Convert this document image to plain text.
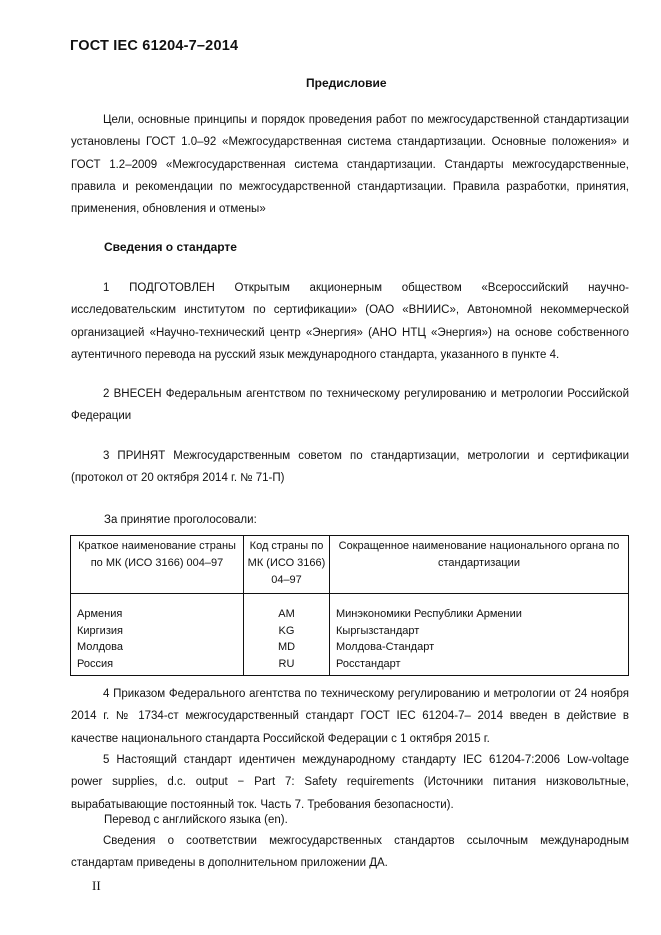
ГОСТ IEC 61204-7–2014
Предисловие

Цели, основные принципы и порядок проведения работ по межгосударственной стандартизации установлены ГОСТ 1.0–92 «Межгосударственная система стандартизации. Основные положения» и ГОСТ 1.2–2009 «Межгосударственная система стандартизации. Стандарты межгосударственные, правила и рекомендации по межгосударственной стандартизации. Правила разработки, принятия, применения, обновления и отмены»

Сведения о стандарте

1 ПОДГОТОВЛЕН Открытым акционерным обществом «Всероссийский научно-исследовательским институтом по сертификации» (ОАО «ВНИИС», Автономной некоммерческой организацией «Научно-технический центр «Энергия» (АНО НТЦ «Энергия») на основе собственного аутентичного перевода на русский язык международного стандарта, указанного в пункте 4.

2 ВНЕСЕН Федеральным агентством по техническому регулированию и метрологии Российской Федерации

3 ПРИНЯТ Межгосударственным советом по стандартизации, метрологии и сертификации (протокол от 20 октября 2014 г. № 71-П)

За принятие проголосовали:
Краткое наименование страны по МК (ИСО 3166) 004–97	Код страны по МК (ИСО 3166) 04–97	Сокращенное наименование национального органа по стандартизации

Армения	AM	Минэкономики Республики Армении
Киргизия	KG	Кыргызстандарт
Молдова	MD	Молдова-Стандарт
Россия	RU	Росстандарт

4 Приказом Федерального агентства по техническому регулированию и метрологии от 24 ноября 2014 г. № 1734-ст межгосударственный стандарт ГОСТ IEC 61204-7– 2014 введен в действие в качестве национального стандарта Российской Федерации с 1 октября 2015 г.

5 Настоящий стандарт идентичен международному стандарту IEC 61204-7:2006 Low-voltage power supplies, d.c. output − Part 7: Safety requirements (Источники питания низковольтные, вырабатывающие постоянный ток. Часть 7. Требования безопасности).

Перевод с английского языка (en).

Сведения о соответствии межгосударственных стандартов ссылочным международным стандартам приведены в дополнительном приложении ДА.

II
